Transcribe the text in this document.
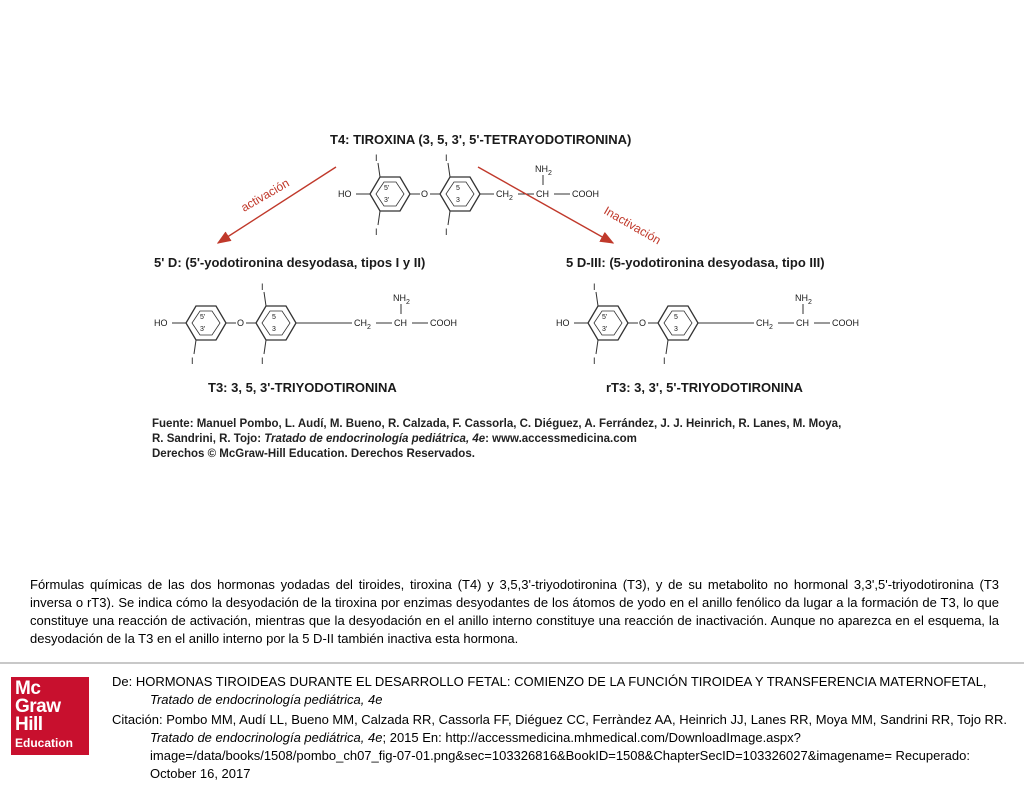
T4: TIROXINA (3, 5, 3', 5'-TETRAYODOTIRONINA)
HO
5'
3'
I
I
O
5
3
I
I
$CH_2$	CH
$NH_2$
COOH
activación
Inactivación
5' D: (5'-yodotironina desyodasa, tipos I y II)	5 D-III: (5-yodotironina desyodasa, tipo III)
HO
5'
3'
I
O
5
3
I
I
$CH_2$	CH
$NH_2$
COOH	HO
5'
3'
I
I
O
5
3
I
$CH_2$	CH
$NH_2$
COOH
T3: 3, 5, 3'-TRIYODOTIRONINA	rT3: 3, 3', 5'-TRIYODOTIRONINA
Fuente: Manuel Pombo, L. Audí, M. Bueno, R. Calzada, F. Cassorla, C. Diéguez, A. Ferrández, J. J. Heinrich, R. Lanes, M. Moya,
R. Sandrini, R. Tojo: Tratado de endocrinología pediátrica, 4e: www.accessmedicina.com
Derechos © McGraw-Hill Education. Derechos Reservados.
Fórmulas químicas de las dos hormonas yodadas del tiroides, tiroxina (T4) y 3,5,3'-triyodotironina (T3), y de su metabolito no hormonal 3,3',5'-triyodotironina (T3 inversa o rT3). Se indica cómo la desyodación de la tiroxina por enzimas desyodantes de los átomos de yodo en el anillo fenólico da lugar a la formación de T3, lo que constituye una reacción de activación, mientras que la desyodación en el anillo interno constituye una reacción de inactivación. Aunque no aparezca en el esquema, la desyodación de la T3 en el anillo interno por la 5 D-II también inactiva esta hormona.
Mc
Graw
Hill
Education

De: HORMONAS TIROIDEAS DURANTE EL DESARROLLO FETAL: COMIENZO DE LA FUNCIÓN TIROIDEA Y TRANSFERENCIA MATERNOFETAL, Tratado de endocrinología pediátrica, 4e

Citación: Pombo MM, Audí LL, Bueno MM, Calzada RR, Cassorla FF, Diéguez CC, Ferràndez AA, Heinrich JJ, Lanes RR, Moya MM, Sandrini RR, Tojo RR. Tratado de endocrinología pediátrica, 4e; 2015 En: http://accessmedicina.mhmedical.com/DownloadImage.aspx?image=/data/books/1508/pombo_ch07_fig-07-01.png&sec=103326816&BookID=1508&ChapterSecID=103326027&imagename= Recuperado: October 16, 2017
